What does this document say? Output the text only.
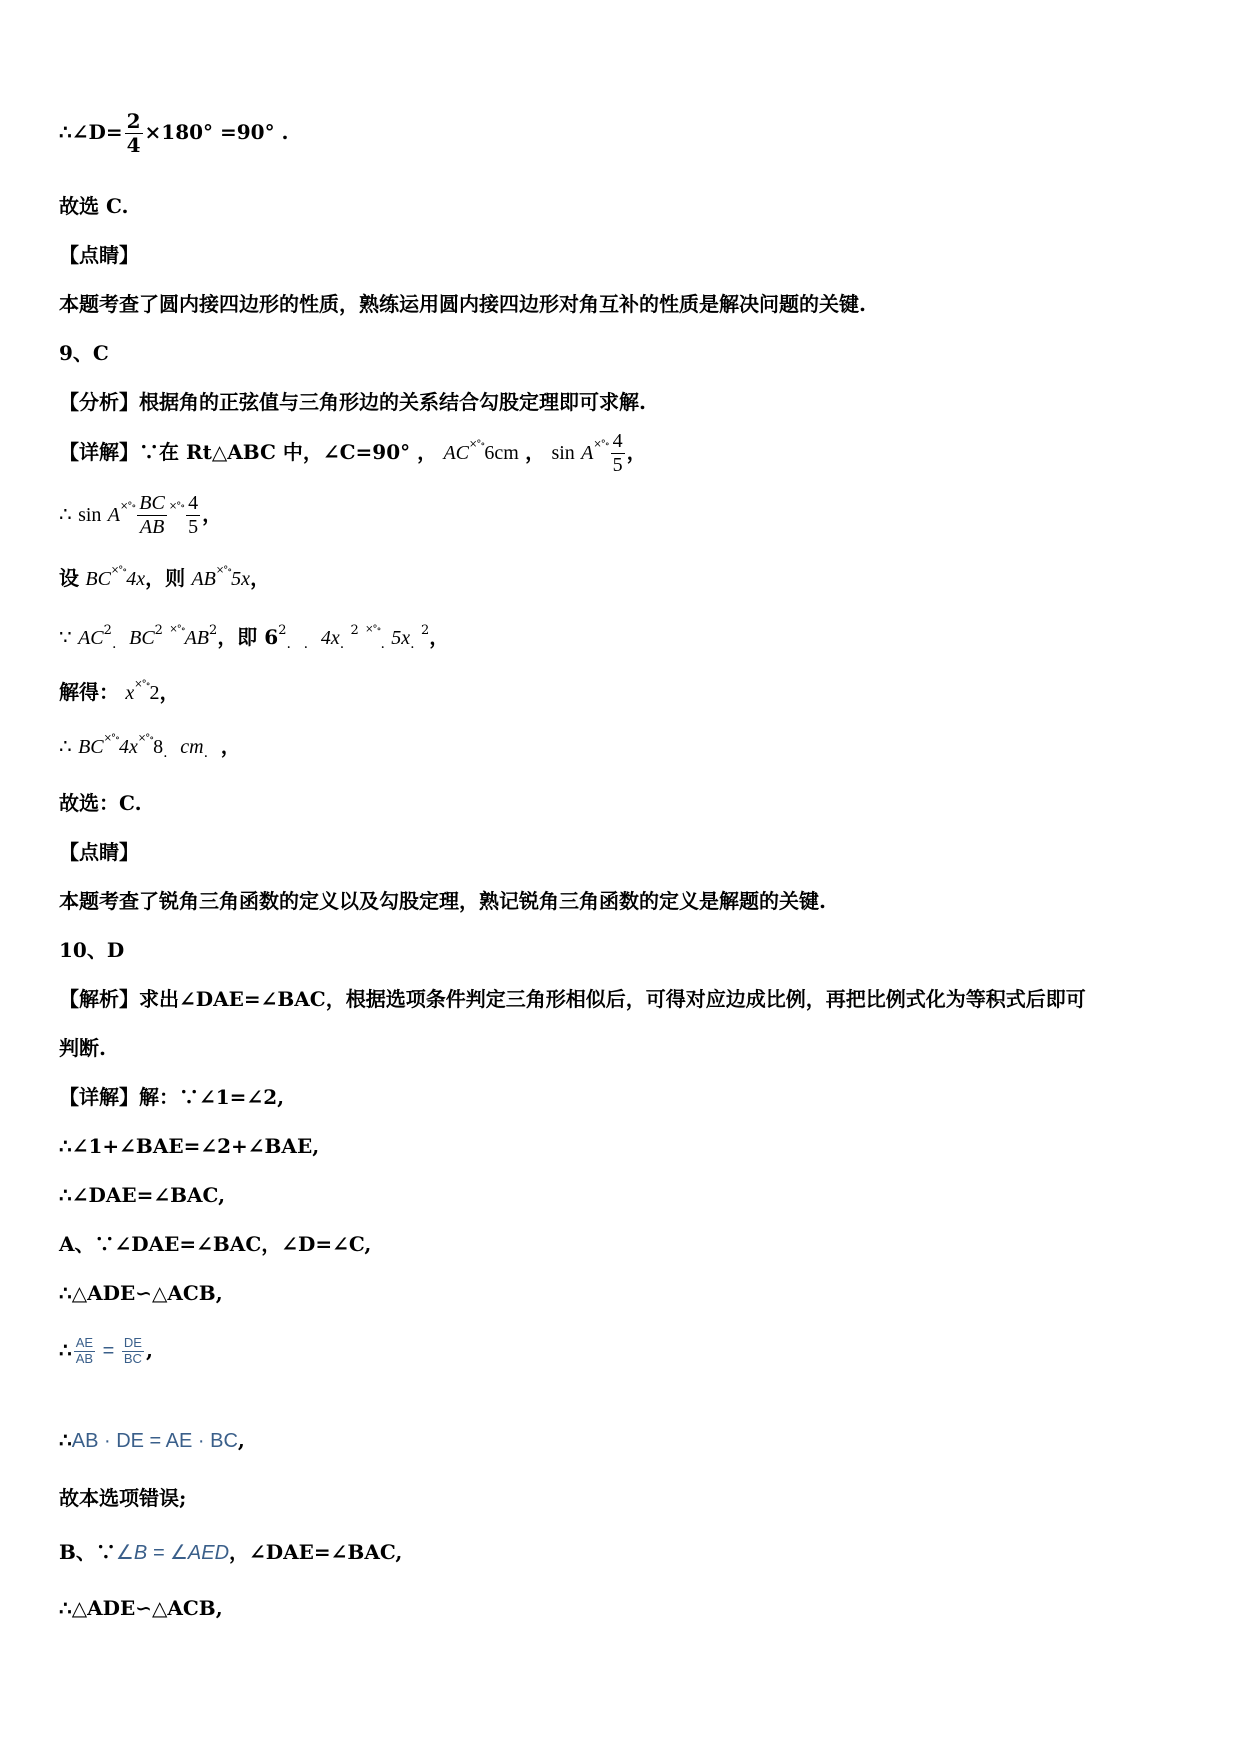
∴∠D= $\frac{2}{4} \times 180^\circ =90^\circ$ .
故选 C.
【点睛】
本题考查了圆内接四边形的性质，熟练运用圆内接四边形对角互补的性质是解决问题的关键.
9、C
【分析】根据角的正弦值与三角形边的关系结合勾股定理即可求解.
【详解】∵在 Rt△ABC 中，∠C=90° ， AC×°∘6cm ， $\sin A^{\times^\circ\circ} \frac{4}{5}$ ，
∴ $\sin A^{\times^\circ\circ} \frac{BC}{AB} ^{\times^\circ\circ} \frac{4}{5}$ ，
设 BC×°∘4x，则 AB×°∘5x，
∵ $AC^2_.$ $BC^2$ $^{\times^\circ\circ}AB^2$，即 $6^2_.$ $_.$ $4x_.$ $^2$ ×°∘$_.$ $5x_.$ $^2$，
解得： x×°∘2，
∴ $BC^{\times^\circ\circ}4x^{\times^\circ\circ}8_.$ $cm_.$ ，
故选：C.
【点睛】
本题考查了锐角三角函数的定义以及勾股定理，熟记锐角三角函数的定义是解题的关键.
10、D
【解析】求出∠DAE=∠BAC，根据选项条件判定三角形相似后，可得对应边成比例，再把比例式化为等积式后即可
判断.
【详解】解：∵∠1=∠2,
∴∠1+∠BAE=∠2+∠BAE,
∴∠DAE=∠BAC,
A、∵∠DAE=∠BAC，∠D=∠C,
∴△ADE∽△ACB,
∴ $\frac{AE}{AB} = \frac{DE}{BC}$ ,
∴AB · DE = AE · BC,
故本选项错误;
B、∵∠B = ∠AED，∠DAE=∠BAC,
∴△ADE∽△ACB,
